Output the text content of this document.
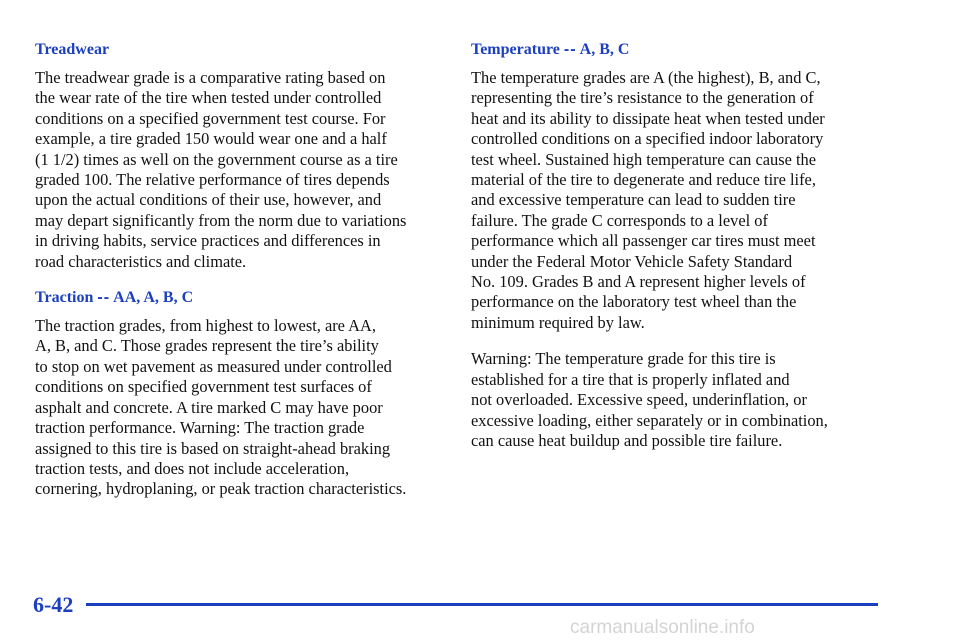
Treadwear
The treadwear grade is a comparative rating based on
the wear rate of the tire when tested under controlled
conditions on a specified government test course. For
example, a tire graded 150 would wear one and a half
(1 1/2) times as well on the government course as a tire
graded 100. The relative performance of tires depends
upon the actual conditions of their use, however, and
may depart significantly from the norm due to variations
in driving habits, service practices and differences in
road characteristics and climate.
Traction -- AA, A, B, C
The traction grades, from highest to lowest, are AA,
A, B, and C. Those grades represent the tire’s ability
to stop on wet pavement as measured under controlled
conditions on specified government test surfaces of
asphalt and concrete. A tire marked C may have poor
traction performance. Warning: The traction grade
assigned to this tire is based on straight‑ahead braking
traction tests, and does not include acceleration,
cornering, hydroplaning, or peak traction characteristics.
Temperature -- A, B, C
The temperature grades are A (the highest), B, and C,
representing the tire’s resistance to the generation of
heat and its ability to dissipate heat when tested under
controlled conditions on a specified indoor laboratory
test wheel. Sustained high temperature can cause the
material of the tire to degenerate and reduce tire life,
and excessive temperature can lead to sudden tire
failure. The grade C corresponds to a level of
performance which all passenger car tires must meet
under the Federal Motor Vehicle Safety Standard
No. 109. Grades B and A represent higher levels of
performance on the laboratory test wheel than the
minimum required by law.
Warning: The temperature grade for this tire is
established for a tire that is properly inflated and
not overloaded. Excessive speed, underinflation, or
excessive loading, either separately or in combination,
can cause heat buildup and possible tire failure.
6-42
carmanualsonline.info
